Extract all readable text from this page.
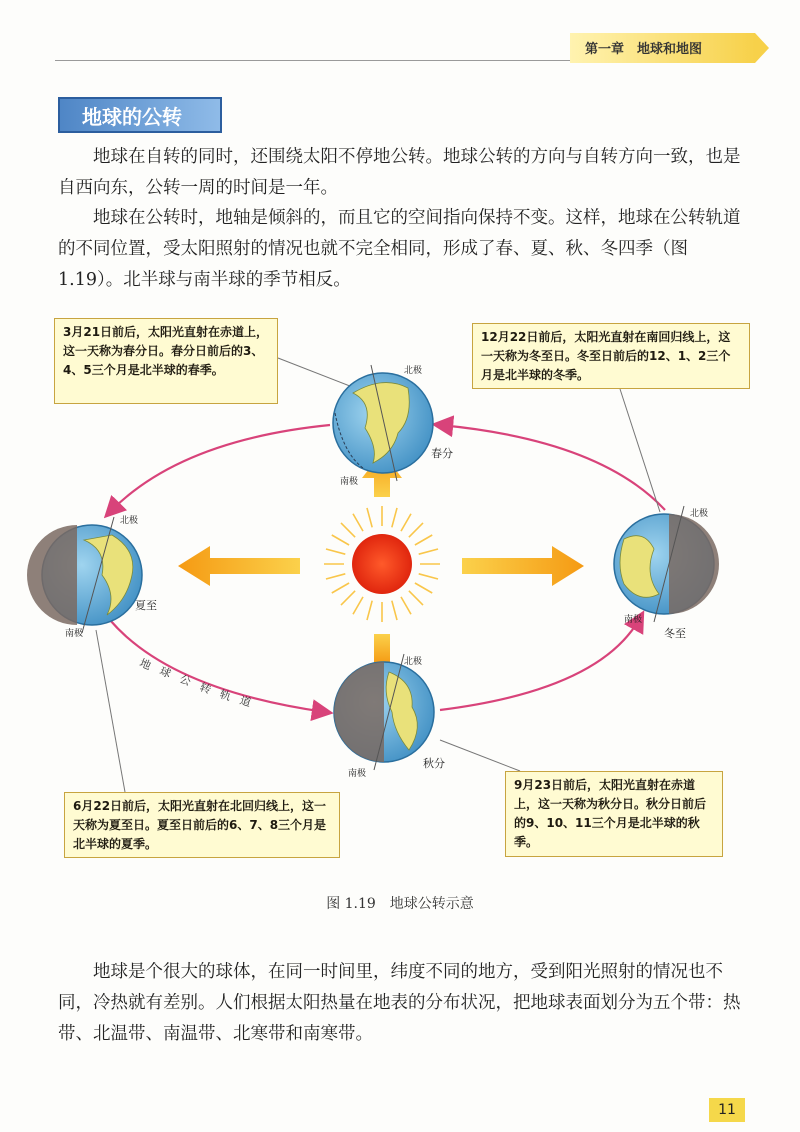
第一章　地球和地图
地球的公转

地球在自转的同时，还围绕太阳不停地公转。地球公转的方向与自转方向一致，也是自西向东，公转一周的时间是一年。

地球在公转时，地轴是倾斜的，而且它的空间指向保持不变。这样，地球在公转轨道的不同位置，受太阳照射的情况也就不完全相同，形成了春、夏、秋、冬四季（图 1.19）。北半球与南半球的季节相反。

北极
南极
春分
北极
南极
夏至
北极
南极
秋分
北极
南极
冬至
地 球 公 转 轨 道
3月21日前后，太阳光直射在赤道上，这一天称为春分日。春分日前后的3、4、5三个月是北半球的春季。
12月22日前后，太阳光直射在南回归线上，这一天称为冬至日。冬至日前后的12、1、2三个月是北半球的冬季。
6月22日前后，太阳光直射在北回归线上，这一天称为夏至日。夏至日前后的6、7、8三个月是北半球的夏季。
9月23日前后，太阳光直射在赤道上，这一天称为秋分日。秋分日前后的9、10、11三个月是北半球的秋季。
图 1.19　地球公转示意

地球是个很大的球体，在同一时间里，纬度不同的地方，受到阳光照射的情况也不同，冷热就有差别。人们根据太阳热量在地表的分布状况，把地球表面划分为五个带：热带、北温带、南温带、北寒带和南寒带。

11
